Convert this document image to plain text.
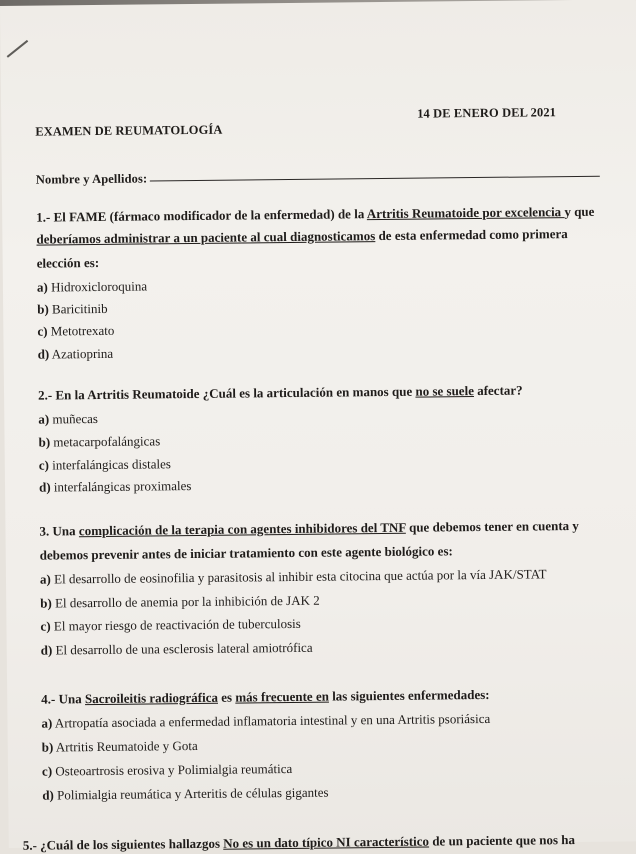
EXAMEN DE REUMATOLOGÍA
14 DE ENERO DEL 2021
Nombre y Apellidos:
1.- El FAME (fármaco modificador de la enfermedad) de la Artritis Reumatoide por excelencia y que
deberíamos administrar a un paciente al cual diagnosticamos de esta enfermedad como primera
elección es:
a) Hidroxicloroquina
b) Baricitinib
c) Metotrexato
d) Azatioprina
2.- En la Artritis Reumatoide ¿Cuál es la articulación en manos que no se suele afectar?
a) muñecas
b) metacarpofalángicas
c) interfalángicas distales
d) interfalángicas proximales
3. Una complicación de la terapia con agentes inhibidores del TNF que debemos tener en cuenta y
debemos prevenir antes de iniciar tratamiento con este agente biológico es:
a) El desarrollo de eosinofilia y parasitosis al inhibir esta citocina que actúa por la vía JAK/STAT
b) El desarrollo de anemia por la inhibición de JAK 2
c) El mayor riesgo de reactivación de tuberculosis
d) El desarrollo de una esclerosis lateral amiotrófica
4.- Una Sacroileitis radiográfica es más frecuente en las siguientes enfermedades:
a) Artropatía asociada a enfermedad inflamatoria intestinal y en una Artritis psoriásica
b) Artritis Reumatoide y Gota
c) Osteoartrosis erosiva y Polimialgia reumática
d) Polimialgia reumática y Arteritis de células gigantes
5.- ¿Cuál de los siguientes hallazgos No es un dato típico NI característico de un paciente que nos ha
